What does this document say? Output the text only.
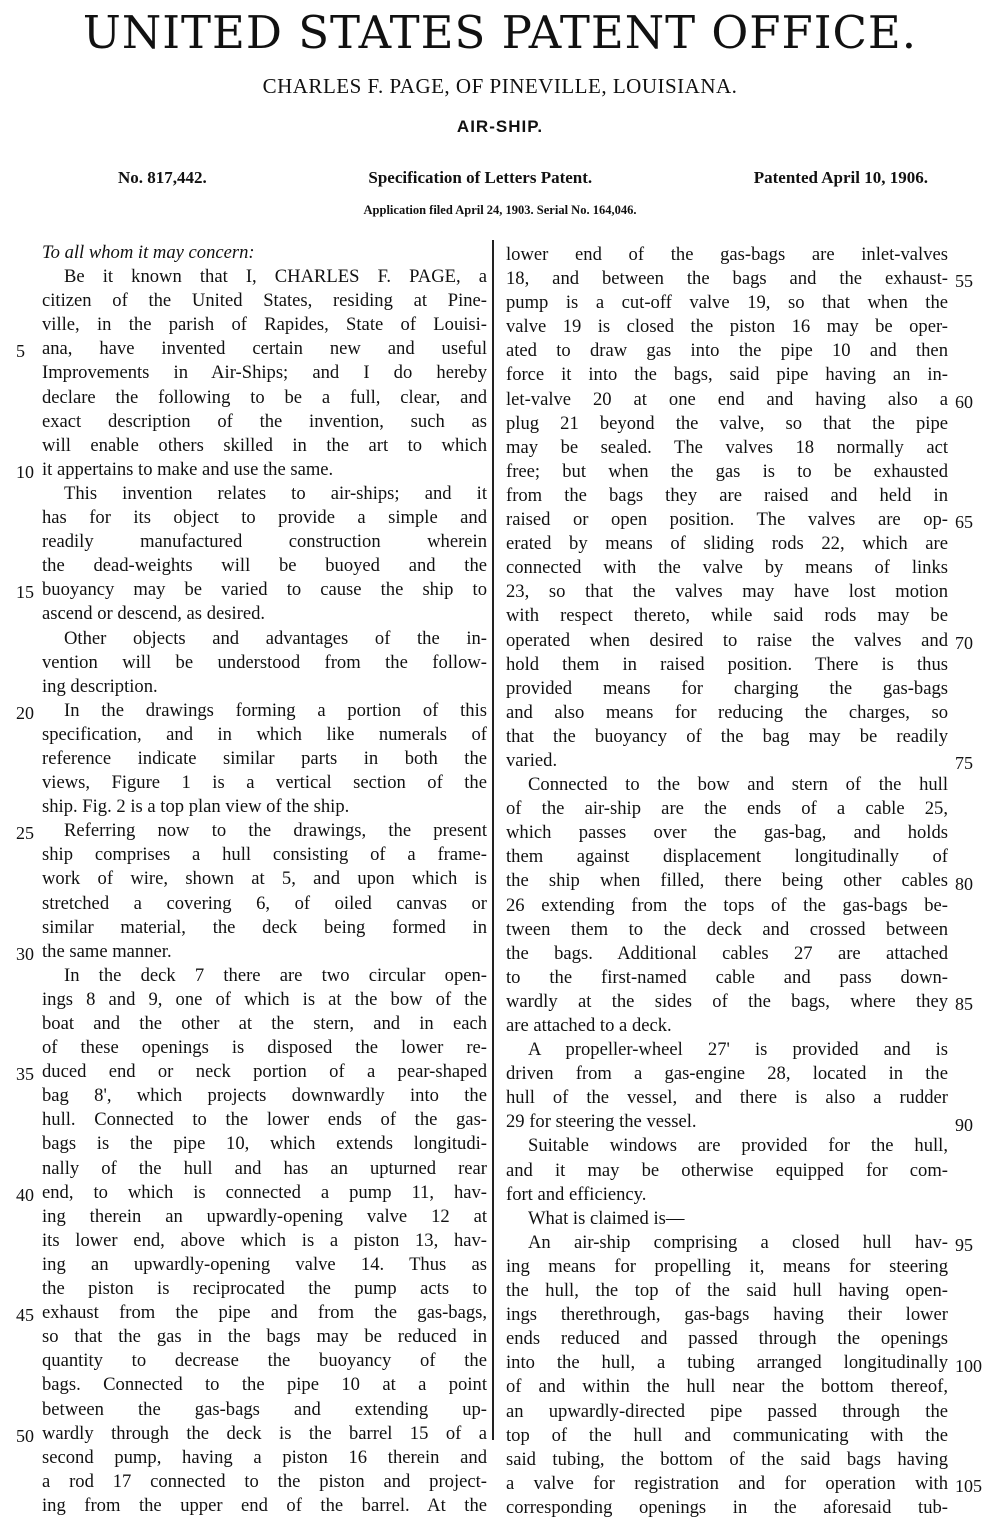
UNITED STATES PATENT OFFICE.
CHARLES F. PAGE, OF PINEVILLE, LOUISIANA.
AIR-SHIP.
No. 817,442.	Specification of Letters Patent.	Patented April 10, 1906.
Application filed April 24, 1903. Serial No. 164,046.
To all whom it may concern:
Be it known that I, CHARLES F. PAGE, a
citizen of the United States, residing at Pine-
ville, in the parish of Rapides, State of Louisi-
ana, have invented certain new and useful
Improvements in Air-Ships; and I do hereby
declare the following to be a full, clear, and
exact description of the invention, such as
will enable others skilled in the art to which
it appertains to make and use the same.
This invention relates to air-ships; and it
has for its object to provide a simple and
readily manufactured construction wherein
the dead-weights will be buoyed and the
buoyancy may be varied to cause the ship to
ascend or descend, as desired.
Other objects and advantages of the in-
vention will be understood from the follow-
ing description.
In the drawings forming a portion of this
specification, and in which like numerals of
reference indicate similar parts in both the
views, Figure 1 is a vertical section of the
ship. Fig. 2 is a top plan view of the ship.
Referring now to the drawings, the present
ship comprises a hull consisting of a frame-
work of wire, shown at 5, and upon which is
stretched a covering 6, of oiled canvas or
similar material, the deck being formed in
the same manner.
In the deck 7 there are two circular open-
ings 8 and 9, one of which is at the bow of the
boat and the other at the stern, and in each
of these openings is disposed the lower re-
duced end or neck portion of a pear-shaped
bag 8', which projects downwardly into the
hull. Connected to the lower ends of the gas-
bags is the pipe 10, which extends longitudi-
nally of the hull and has an upturned rear
end, to which is connected a pump 11, hav-
ing therein an upwardly-opening valve 12 at
its lower end, above which is a piston 13, hav-
ing an upwardly-opening valve 14. Thus as
the piston is reciprocated the pump acts to
exhaust from the pipe and from the gas-bags,
so that the gas in the bags may be reduced in
quantity to decrease the buoyancy of the
bags. Connected to the pipe 10 at a point
between the gas-bags and extending up-
wardly through the deck is the barrel 15 of a
second pump, having a piston 16 therein and
a rod 17 connected to the piston and project-
ing from the upper end of the barrel. At the
lower end of the gas-bags are inlet-valves
18, and between the bags and the exhaust-
pump is a cut-off valve 19, so that when the
valve 19 is closed the piston 16 may be oper-
ated to draw gas into the pipe 10 and then
force it into the bags, said pipe having an in-
let-valve 20 at one end and having also a
plug 21 beyond the valve, so that the pipe
may be sealed. The valves 18 normally act
free; but when the gas is to be exhausted
from the bags they are raised and held in
raised or open position. The valves are op-
erated by means of sliding rods 22, which are
connected with the valve by means of links
23, so that the valves may have lost motion
with respect thereto, while said rods may be
operated when desired to raise the valves and
hold them in raised position. There is thus
provided means for charging the gas-bags
and also means for reducing the charges, so
that the buoyancy of the bag may be readily
varied.
Connected to the bow and stern of the hull
of the air-ship are the ends of a cable 25,
which passes over the gas-bag, and holds
them against displacement longitudinally of
the ship when filled, there being other cables
26 extending from the tops of the gas-bags be-
tween them to the deck and crossed between
the bags. Additional cables 27 are attached
to the first-named cable and pass down-
wardly at the sides of the bags, where they
are attached to a deck.
A propeller-wheel 27' is provided and is
driven from a gas-engine 28, located in the
hull of the vessel, and there is also a rudder
29 for steering the vessel.
Suitable windows are provided for the hull,
and it may be otherwise equipped for com-
fort and efficiency.
What is claimed is—
An air-ship comprising a closed hull hav-
ing means for propelling it, means for steering
the hull, the top of the said hull having open-
ings therethrough, gas-bags having their lower
ends reduced and passed through the openings
into the hull, a tubing arranged longitudinally
of and within the hull near the bottom thereof,
an upwardly-directed pipe passed through the
top of the hull and communicating with the
said tubing, the bottom of the said bags having
a valve for registration and for operation with
corresponding openings in the aforesaid tub-
5
10
15
20
25
30
35
40
45
50
55
60
65
70
75
80
85
90
95
100
105
